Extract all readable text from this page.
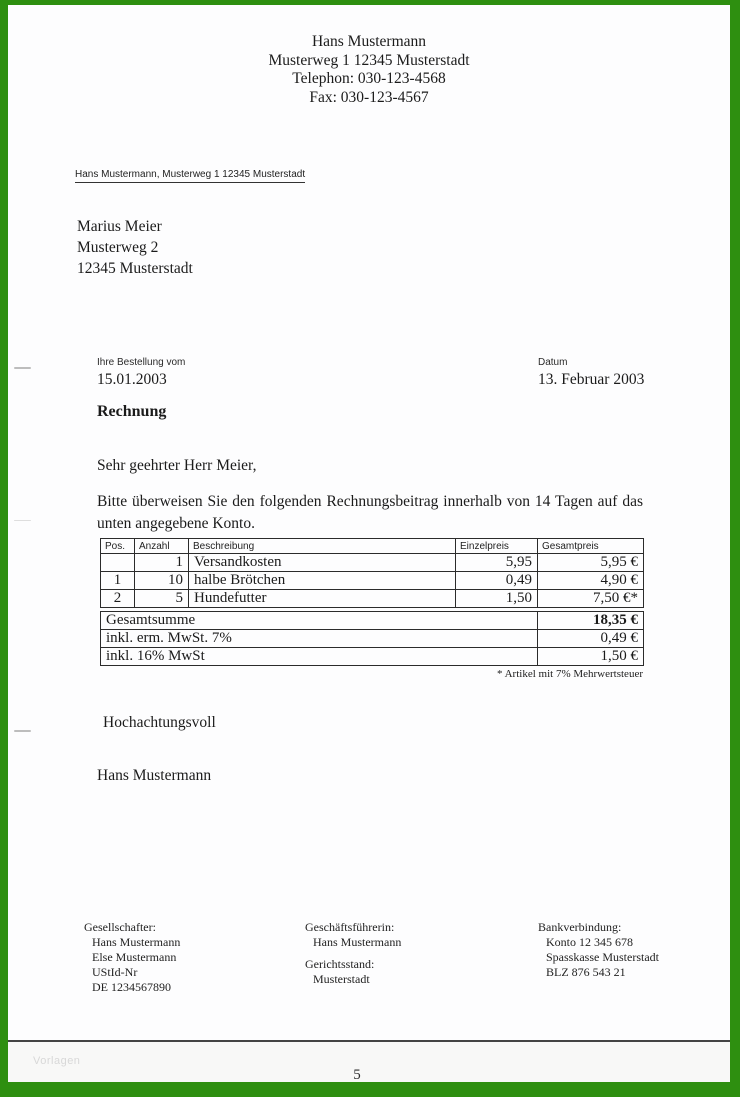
Hans Mustermann
Musterweg 1 12345 Musterstadt
Telephon: 030-123-4568
Fax: 030-123-4567
Hans Mustermann, Musterweg 1 12345 Musterstadt
Marius Meier
Musterweg 2
12345 Musterstadt
Ihre Bestellung vom
15.01.2003
Datum
13. Februar 2003
Rechnung
Sehr geehrter Herr Meier,
Bitte überweisen Sie den folgenden Rechnungsbeitrag innerhalb von 14 Tagen auf das unten angegebene Konto.
Pos.	Anzahl	Beschreibung	Einzelpreis	Gesamtpreis
	1	Versandkosten	5,95	5,95 €
1	10	halbe Brötchen	0,49	4,90 €
2	5	Hundefutter	1,50	7,50 €*
Gesamtsumme	18,35 €
inkl. erm. MwSt. 7%	0,49 €
inkl. 16% MwSt	1,50 €
* Artikel mit 7% Mehrwertsteuer
Hochachtungsvoll
Hans Mustermann
Gesellschafter:
Hans Mustermann
Else Mustermann
UStId-Nr
DE 1234567890
Geschäftsführerin:
Hans Mustermann
Gerichtsstand:
Musterstadt
Bankverbindung:
Konto 12 345 678
Spasskasse Musterstadt
BLZ 876 543 21
Vorlagen
5
